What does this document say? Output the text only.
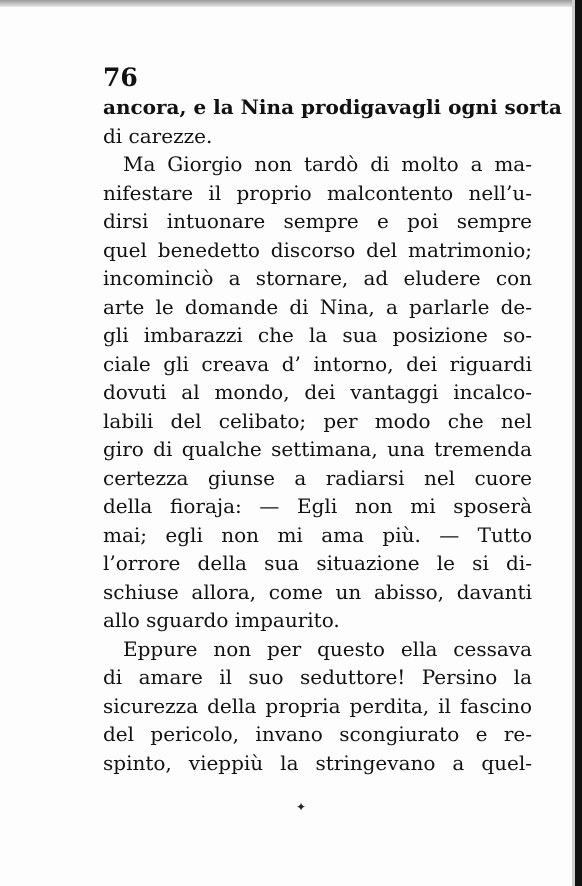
76
ancora, e la Nina prodigavagli ogni sorta
di carezze.
Ma Giorgio non tardò di molto a ma-
nifestare il proprio malcontento nell’u-
dirsi intuonare sempre e poi sempre
quel benedetto discorso del matrimonio;
incominciò a stornare, ad eludere con
arte le domande di Nina, a parlarle de-
gli imbarazzi che la sua posizione so-
ciale gli creava d’ intorno, dei riguardi
dovuti al mondo, dei vantaggi incalco-
labili del celibato; per modo che nel
giro di qualche settimana, una tremenda
certezza giunse a radiarsi nel cuore
della fioraja: — Egli non mi sposerà
mai; egli non mi ama più. — Tutto
l’orrore della sua situazione le si di-
schiuse allora, come un abisso, davanti
allo sguardo impaurito.
Eppure non per questo ella cessava
di amare il suo seduttore! Persino la
sicurezza della propria perdita, il fascino
del pericolo, invano scongiurato e re-
spinto, vieppiù la stringevano a quel-
✦
